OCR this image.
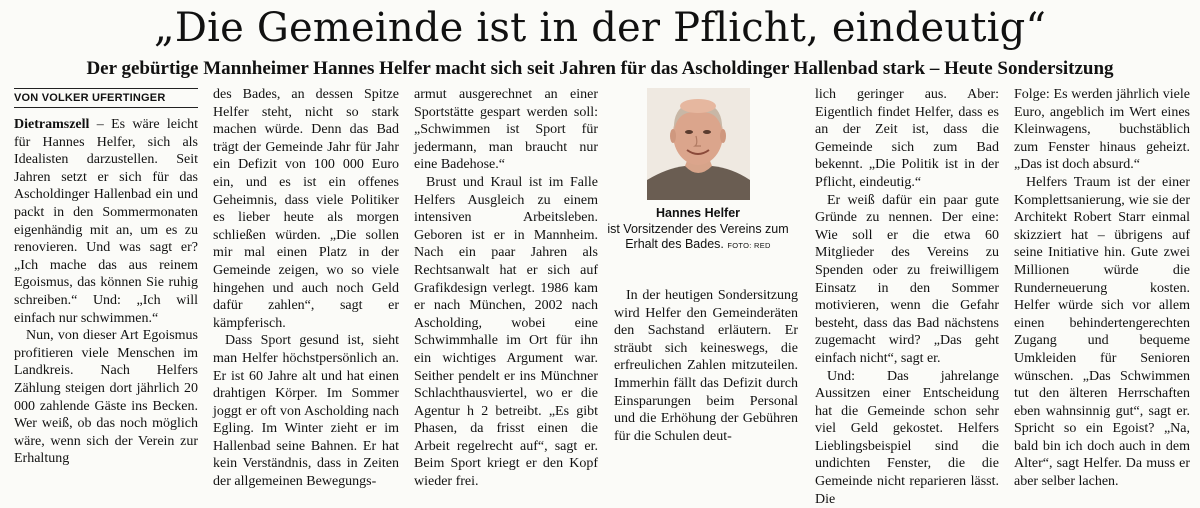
„Die Gemeinde ist in der Pflicht, eindeutig“
Der gebürtige Mannheimer Hannes Helfer macht sich seit Jahren für das Ascholdinger Hallenbad stark – Heute Sondersitzung
VON VOLKER UFERTINGER

Dietramszell – Es wäre leicht für Hannes Helfer, sich als Idealisten darzustellen. Seit Jahren setzt er sich für das Ascholdinger Hallenbad ein und packt in den Sommermonaten eigenhändig mit an, um es zu renovieren. Und was sagt er? „Ich mache das aus reinem Egoismus, das können Sie ruhig schreiben.“ Und: „Ich will einfach nur schwimmen.“

Nun, von dieser Art Egoismus profitieren viele Menschen im Landkreis. Nach Helfers Zählung steigen dort jährlich 20 000 zahlende Gäste ins Becken. Wer weiß, ob das noch möglich wäre, wenn sich der Verein zur Erhaltung

des Bades, an dessen Spitze Helfer steht, nicht so stark machen würde. Denn das Bad trägt der Gemeinde Jahr für Jahr ein Defizit von 100 000 Euro ein, und es ist ein offenes Geheimnis, dass viele Politiker es lieber heute als morgen schließen würden. „Die sollen mir mal einen Platz in der Gemeinde zeigen, wo so viele hingehen und auch noch Geld dafür zahlen“, sagt er kämpferisch.

Dass Sport gesund ist, sieht man Helfer höchstpersönlich an. Er ist 60 Jahre alt und hat einen drahtigen Körper. Im Sommer joggt er oft von Ascholding nach Egling. Im Winter zieht er im Hallenbad seine Bahnen. Er hat kein Verständnis, dass in Zeiten der allgemeinen Bewegungs-

armut ausgerechnet an einer Sportstätte gespart werden soll: „Schwimmen ist Sport für jedermann, man braucht nur eine Badehose.“

Brust und Kraul ist im Falle Helfers Ausgleich zu einem intensiven Arbeitsleben. Geboren ist er in Mannheim. Nach ein paar Jahren als Rechtsanwalt hat er sich auf Grafikdesign verlegt. 1986 kam er nach München, 2002 nach Ascholding, wobei eine Schwimmhalle im Ort für ihn ein wichtiges Argument war. Seither pendelt er ins Münchner Schlachthausviertel, wo er die Agentur h 2 betreibt. „Es gibt Phasen, da frisst einen die Arbeit regelrecht auf“, sagt er. Beim Sport kriegt er den Kopf wieder frei.

Hannes Helfer
ist Vorsitzender des Vereins zum Erhalt des Bades. FOTO: RED

In der heutigen Sondersitzung wird Helfer den Gemeinderäten den Sachstand erläutern. Er sträubt sich keineswegs, die erfreulichen Zahlen mitzuteilen. Immerhin fällt das Defizit durch Einsparungen beim Personal und die Erhöhung der Gebühren für die Schulen deut-

lich geringer aus. Aber: Eigentlich findet Helfer, dass es an der Zeit ist, dass die Gemeinde sich zum Bad bekennt. „Die Politik ist in der Pflicht, eindeutig.“

Er weiß dafür ein paar gute Gründe zu nennen. Der eine: Wie soll er die etwa 60 Mitglieder des Vereins zu Spenden oder zu freiwilligem Einsatz in den Sommer motivieren, wenn die Gefahr besteht, dass das Bad nächstens zugemacht wird? „Das geht einfach nicht“, sagt er.

Und: Das jahrelange Aussitzen einer Entscheidung hat die Gemeinde schon sehr viel Geld gekostet. Helfers Lieblingsbeispiel sind die undichten Fenster, die die Gemeinde nicht reparieren lässt. Die

Folge: Es werden jährlich viele Euro, angeblich im Wert eines Kleinwagens, buchstäblich zum Fenster hinaus geheizt. „Das ist doch absurd.“

Helfers Traum ist der einer Komplettsanierung, wie sie der Architekt Robert Starr einmal skizziert hat – übrigens auf seine Initiative hin. Gute zwei Millionen würde die Runderneuerung kosten. Helfer würde sich vor allem einen behindertengerechten Zugang und bequeme Umkleiden für Senioren wünschen. „Das Schwimmen tut den älteren Herrschaften eben wahnsinnig gut“, sagt er. Spricht so ein Egoist? „Na, bald bin ich doch auch in dem Alter“, sagt Helfer. Da muss er aber selber lachen.
